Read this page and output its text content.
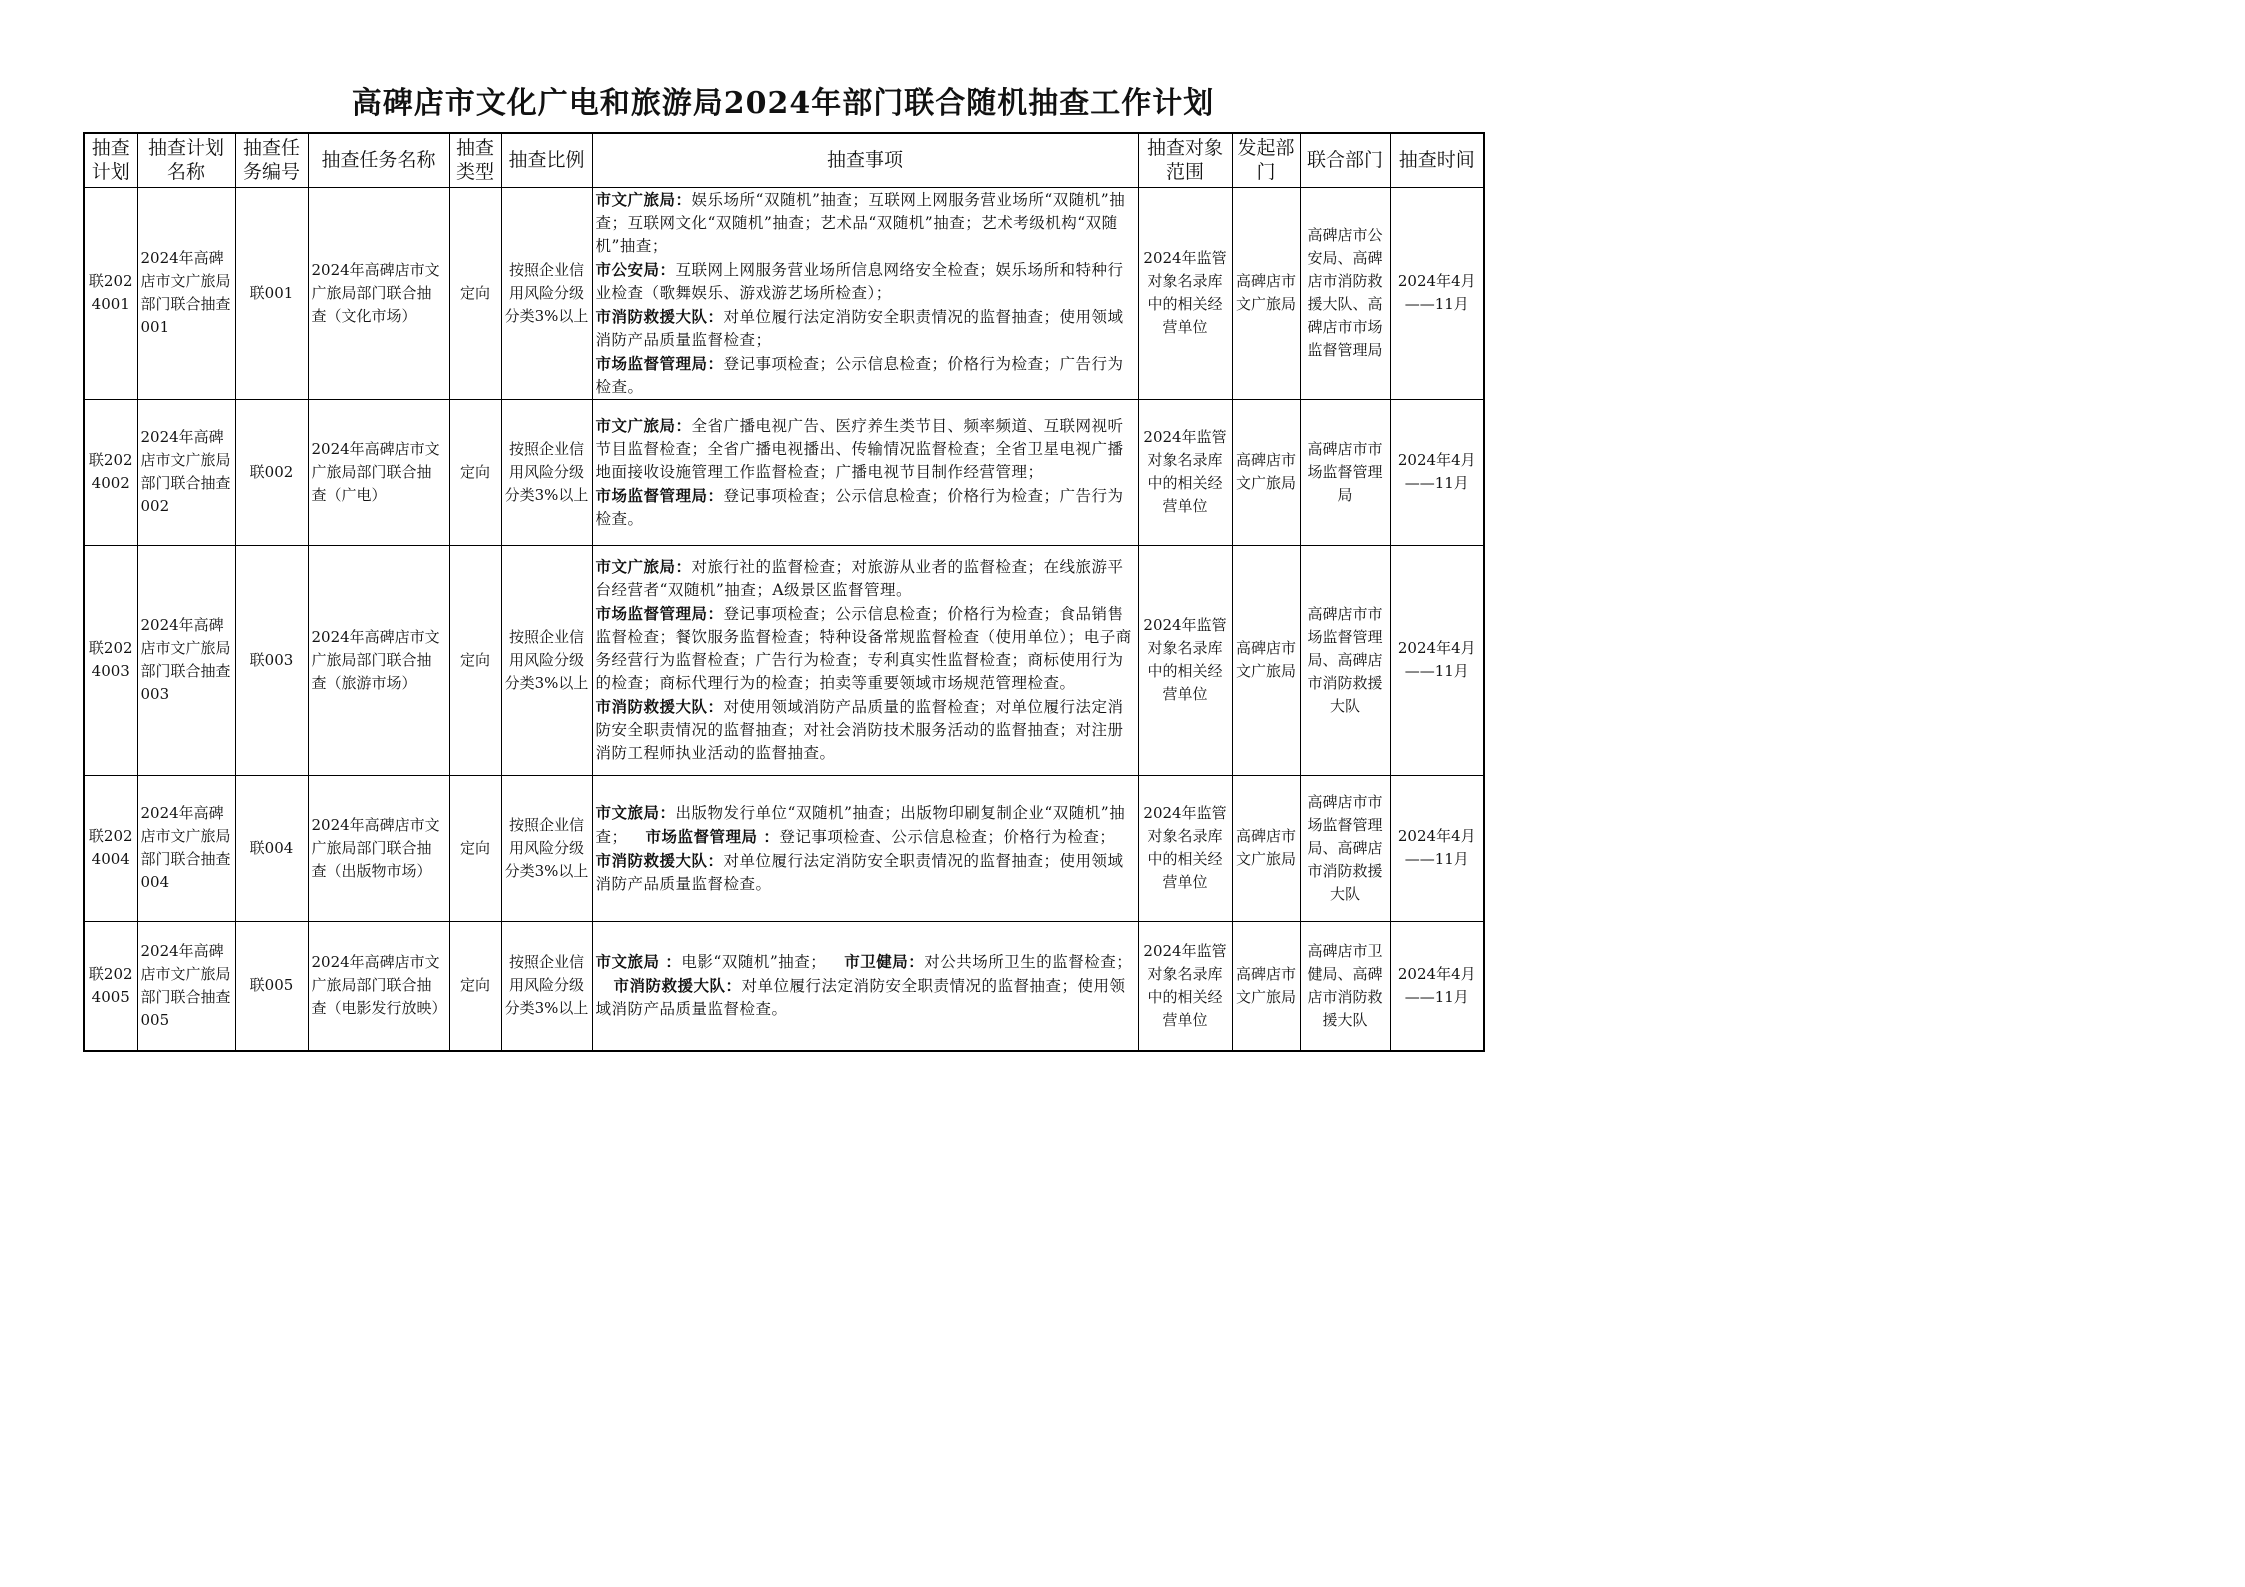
高碑店市文化广电和旅游局2024年部门联合随机抽查工作计划
抽查计划	抽查计划名称	抽查任务编号	抽查任务名称	抽查类型	抽查比例	抽查事项	抽查对象范围	发起部门	联合部门	抽查时间
联2024001	2024年高碑店市文广旅局部门联合抽查001	联001	2024年高碑店市文广旅局部门联合抽查（文化市场）	定向	按照企业信用风险分级分类3%以上	市文广旅局：娱乐场所“双随机”抽查；互联网上网服务营业场所“双随机”抽查；互联网文化“双随机”抽查；艺术品“双随机”抽查；艺术考级机构“双随机”抽查；
市公安局：互联网上网服务营业场所信息网络安全检查；娱乐场所和特种行业检查（歌舞娱乐、游戏游艺场所检查）；
市消防救援大队：对单位履行法定消防安全职责情况的监督抽查；使用领域消防产品质量监督检查；
市场监督管理局：登记事项检查；公示信息检查；价格行为检查；广告行为检查。	2024年监管对象名录库中的相关经营单位	高碑店市文广旅局	高碑店市公安局、高碑店市消防救援大队、高碑店市市场监督管理局	2024年4月——11月
联2024002	2024年高碑店市文广旅局部门联合抽查002	联002	2024年高碑店市文广旅局部门联合抽查（广电）	定向	按照企业信用风险分级分类3%以上	市文广旅局：全省广播电视广告、医疗养生类节目、频率频道、互联网视听节目监督检查；全省广播电视播出、传输情况监督检查；全省卫星电视广播地面接收设施管理工作监督检查；广播电视节目制作经营管理；
市场监督管理局：登记事项检查；公示信息检查；价格行为检查；广告行为检查。	2024年监管对象名录库中的相关经营单位	高碑店市文广旅局	高碑店市市场监督管理局	2024年4月——11月
联2024003	2024年高碑店市文广旅局部门联合抽查003	联003	2024年高碑店市文广旅局部门联合抽查（旅游市场）	定向	按照企业信用风险分级分类3%以上	市文广旅局：对旅行社的监督检查；对旅游从业者的监督检查；在线旅游平台经营者“双随机”抽查；A级景区监督管理。
市场监督管理局：登记事项检查；公示信息检查；价格行为检查；食品销售监督检查；餐饮服务监督检查；特种设备常规监督检查（使用单位）；电子商务经营行为监督检查；广告行为检查；专利真实性监督检查；商标使用行为的检查；商标代理行为的检查；拍卖等重要领域市场规范管理检查。
市消防救援大队：对使用领域消防产品质量的监督检查；对单位履行法定消防安全职责情况的监督抽查；对社会消防技术服务活动的监督抽查；对注册消防工程师执业活动的监督抽查。	2024年监管对象名录库中的相关经营单位	高碑店市文广旅局	高碑店市市场监督管理局、高碑店市消防救援大队	2024年4月——11月
联2024004	2024年高碑店市文广旅局部门联合抽查004	联004	2024年高碑店市文广旅局部门联合抽查（出版物市场）	定向	按照企业信用风险分级分类3%以上	市文旅局：出版物发行单位“双随机”抽查；出版物印刷复制企业“双随机”抽查； 市场监督管理局 ：登记事项检查、公示信息检查；价格行为检查；市消防救援大队：对单位履行法定消防安全职责情况的监督抽查；使用领域消防产品质量监督检查。	2024年监管对象名录库中的相关经营单位	高碑店市文广旅局	高碑店市市场监督管理局、高碑店市消防救援大队	2024年4月——11月
联2024005	2024年高碑店市文广旅局部门联合抽查005	联005	2024年高碑店市文广旅局部门联合抽查（电影发行放映）	定向	按照企业信用风险分级分类3%以上	市文旅局 ：电影“双随机”抽查； 市卫健局：对公共场所卫生的监督检查；市消防救援大队：对单位履行法定消防安全职责情况的监督抽查；使用领域消防产品质量监督检查。	2024年监管对象名录库中的相关经营单位	高碑店市文广旅局	高碑店市卫健局、高碑店市消防救援大队	2024年4月——11月
